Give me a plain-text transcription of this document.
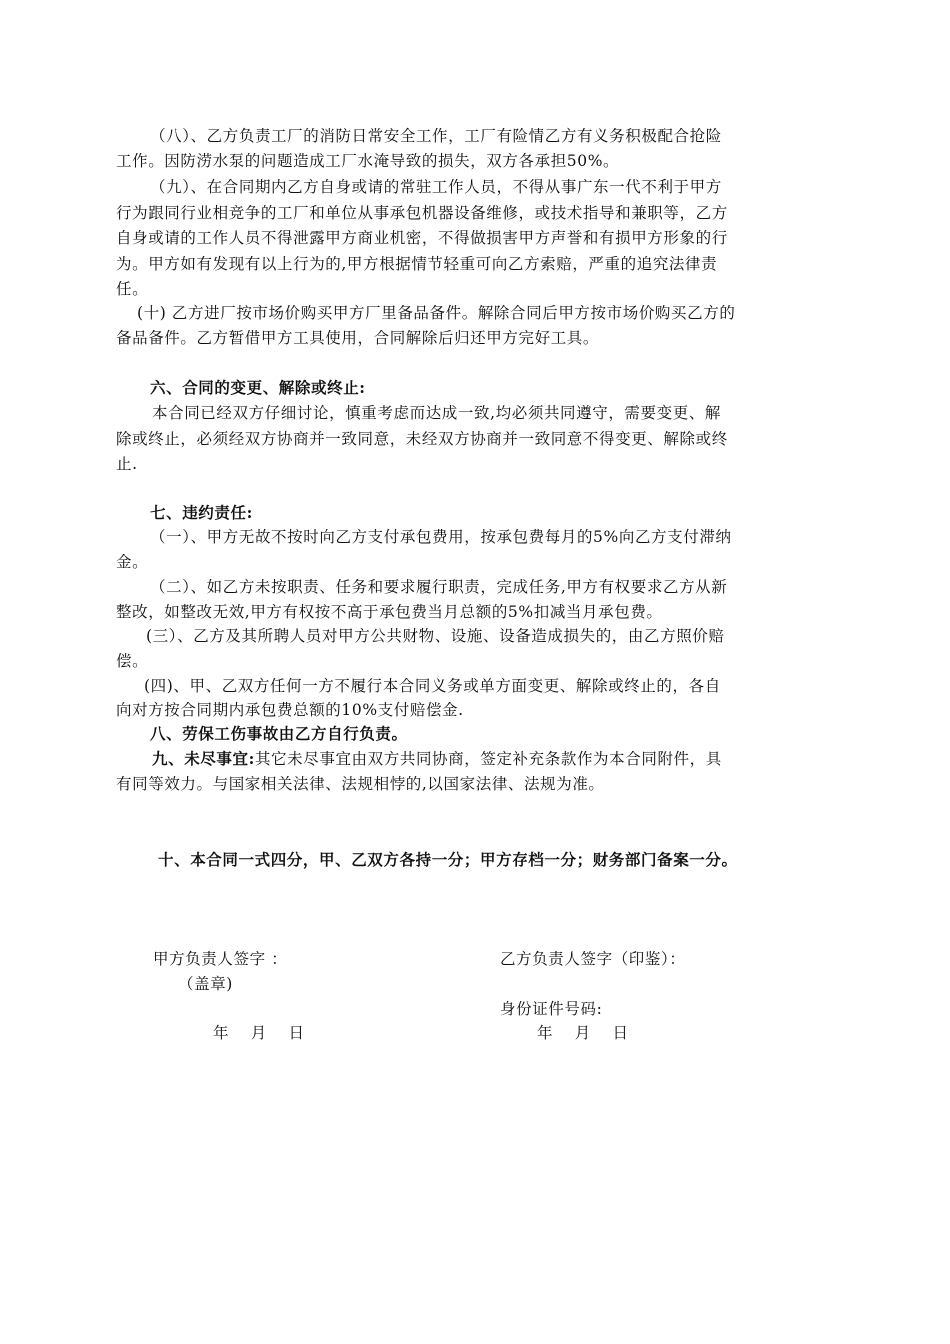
（八）、乙方负责工厂的消防日常安全工作，工厂有险情乙方有义务积极配合抢险
工作。因防涝水泵的问题造成工厂水淹导致的损失，双方各承担50%。
（九）、在合同期内乙方自身或请的常驻工作人员，不得从事广东一代不利于甲方
行为跟同行业相竞争的工厂和单位从事承包机器设备维修，或技术指导和兼职等，乙方
自身或请的工作人员不得泄露甲方商业机密，不得做损害甲方声誉和有损甲方形象的行
为。甲方如有发现有以上行为的,甲方根据情节轻重可向乙方索赔，严重的追究法律责
任。
(十) 乙方进厂按市场价购买甲方厂里备品备件。解除合同后甲方按市场价购买乙方的
备品备件。乙方暂借甲方工具使用，合同解除后归还甲方完好工具。
六、合同的变更、解除或终止:
本合同已经双方仔细讨论，慎重考虑而达成一致,均必须共同遵守，需要变更、解
除或终止，必须经双方协商并一致同意，未经双方协商并一致同意不得变更、解除或终
止.
七、违约责任:
（一）、甲方无故不按时向乙方支付承包费用，按承包费每月的5%向乙方支付滞纳
金。
（二）、如乙方未按职责、任务和要求履行职责，完成任务,甲方有权要求乙方从新
整改，如整改无效,甲方有权按不高于承包费当月总额的5%扣减当月承包费。
(三）、乙方及其所聘人员对甲方公共财物、设施、设备造成损失的，由乙方照价赔
偿。
(四)、甲、乙双方任何一方不履行本合同义务或单方面变更、解除或终止的，各自
向对方按合同期内承包费总额的10%支付赔偿金.
八、劳保工伤事故由乙方自行负责。
九、未尽事宜:其它未尽事宜由双方共同协商，签定补充条款作为本合同附件，具
有同等效力。与国家相关法律、法规相悖的,以国家法律、法规为准。
十、本合同一式四分，甲、乙双方各持一分；甲方存档一分；财务部门备案一分。
甲方负责人签字 ：
（盖章)
年　 月　 日
乙方负责人签字（印鉴）：
身份证件号码:
年　 月　 日
